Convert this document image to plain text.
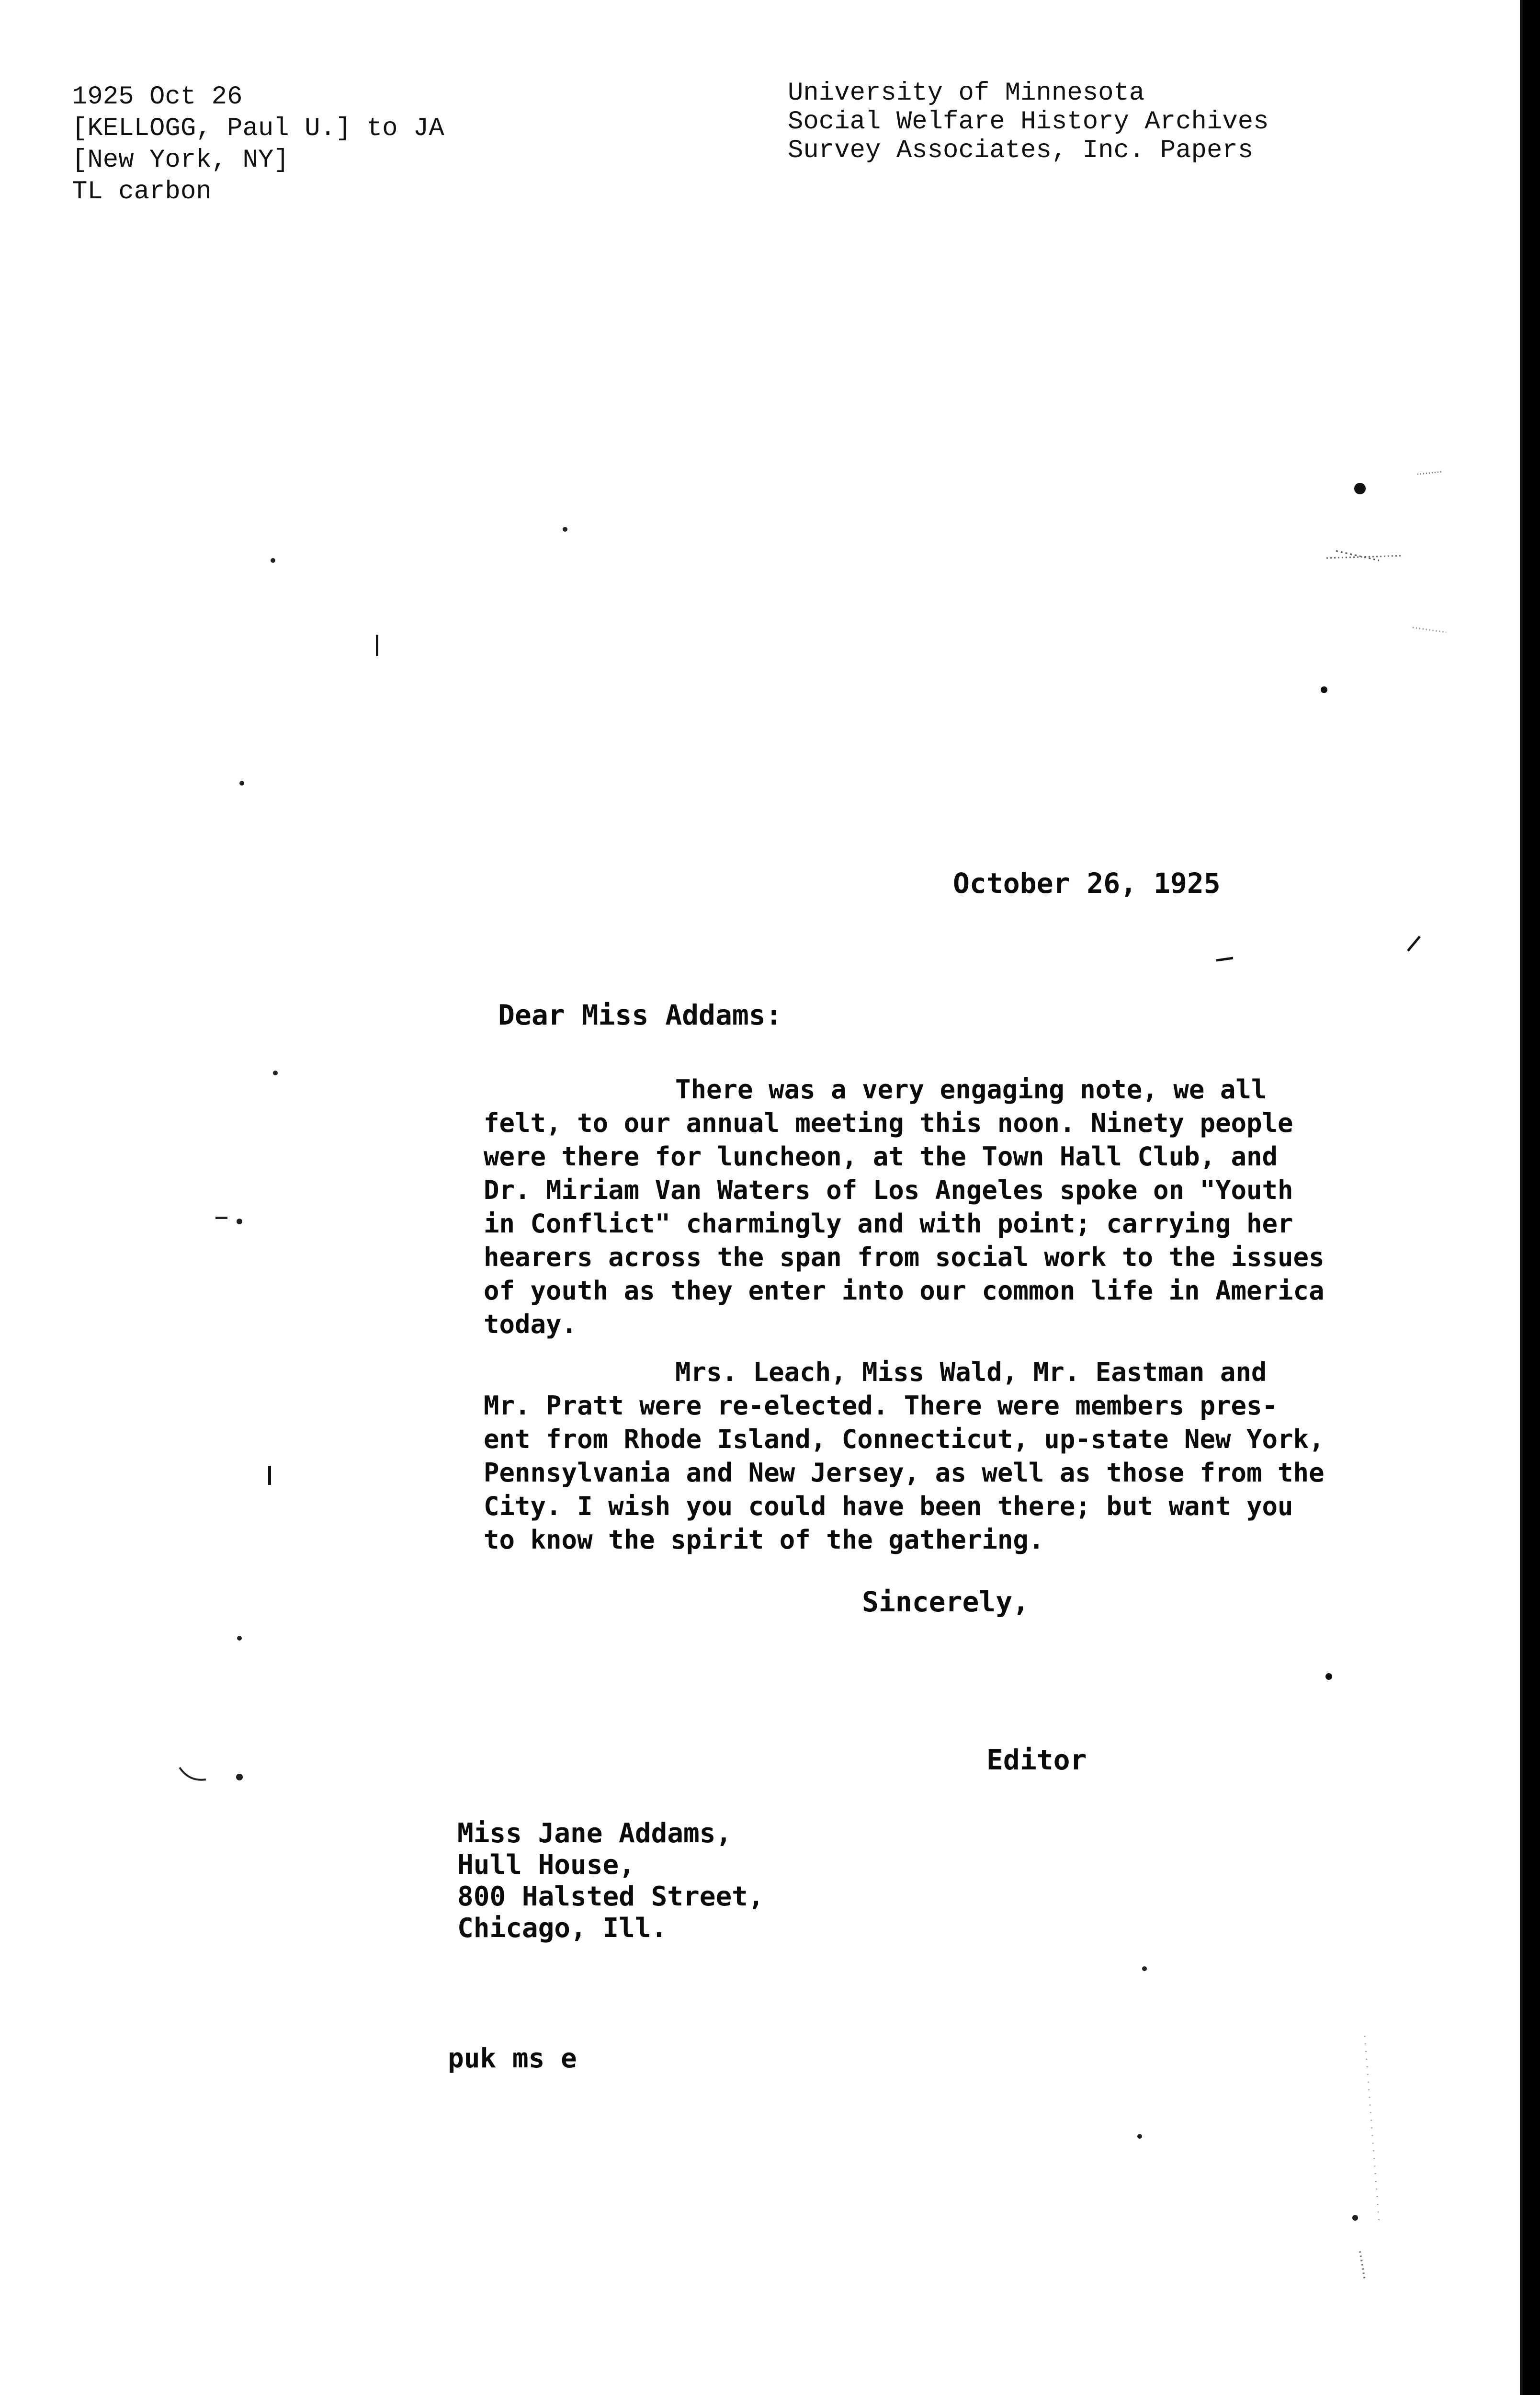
1925 Oct 26
[KELLOGG, Paul U.] to JA
[New York, NY]
TL carbon
University of Minnesota
Social Welfare History Archives
Survey Associates, Inc. Papers
October 26, 1925
Dear Miss Addams:
There was a very engaging note, we all
felt, to our annual meeting this noon. Ninety people
were there for luncheon, at the Town Hall Club, and
Dr. Miriam Van Waters of Los Angeles spoke on "Youth
in Conflict" charmingly and with point; carrying her
hearers across the span from social work to the issues
of youth as they enter into our common life in America
today.
Mrs. Leach, Miss Wald, Mr. Eastman and
Mr. Pratt were re-elected. There were members pres-
ent from Rhode Island, Connecticut, up-state New York,
Pennsylvania and New Jersey, as well as those from the
City. I wish you could have been there; but want you
to know the spirit of the gathering.
Sincerely,
Editor
Miss Jane Addams,
Hull House,
800 Halsted Street,
Chicago, Ill.
puk ms e
